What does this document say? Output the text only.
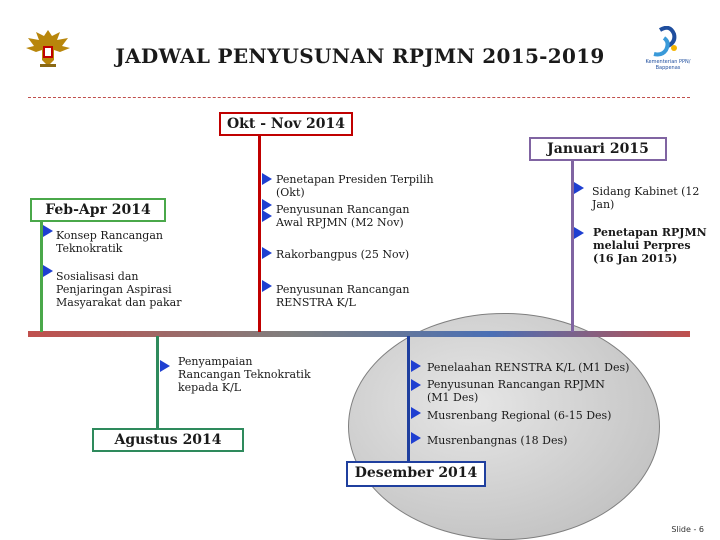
Kementerian PPN/ Bappenas
JADWAL PENYUSUNAN RPJMN 2015-2019
Okt - Nov 2014
Januari 2015
Feb-Apr 2014
Agustus 2014
Desember 2014
Konsep Rancangan Teknokratik
Sosialisasi dan Penjaringan Aspirasi Masyarakat dan pakar
Penetapan Presiden Terpilih (Okt)
Penyusunan Rancangan Awal RPJMN (M2 Nov)
Rakorbangpus (25 Nov)
Penyusunan Rancangan RENSTRA K/L
Sidang Kabinet (12 Jan)
Penetapan RPJMN melalui Perpres (16 Jan 2015)
Penyampaian Rancangan Teknokratik kepada K/L
Penelaahan RENSTRA K/L (M1 Des)
Penyusunan Rancangan RPJMN (M1 Des)
Musrenbang Regional (6-15 Des)
Musrenbangnas (18 Des)
Slide - 6
